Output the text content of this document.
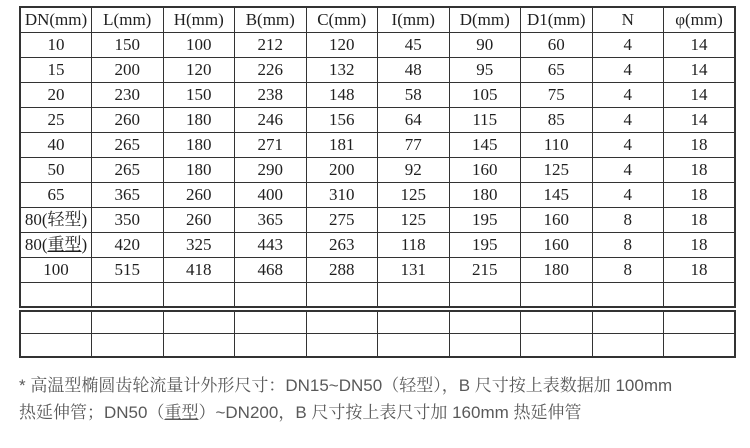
DN(mm)	L(mm)	H(mm)	B(mm)	C(mm)	I(mm)	D(mm)	D1(mm)	N	φ(mm)
10	150	100	212	120	45	90	60	4	14
15	200	120	226	132	48	95	65	4	14
20	230	150	238	148	58	105	75	4	14
25	260	180	246	156	64	115	85	4	14
40	265	180	271	181	77	145	110	4	18
50	265	180	290	200	92	160	125	4	18
65	365	260	400	310	125	180	145	4	18
80(轻型)	350	260	365	275	125	195	160	8	18
80(重型)	420	325	443	263	118	195	160	8	18
100	515	418	468	288	131	215	180	8	18

* 高温型椭圆齿轮流量计外形尺寸：DN15~DN50（轻型），B 尺寸按上表数据加 100mm

热延伸管；DN50（重型）~DN200，B 尺寸按上表尺寸加 160mm 热延伸管
